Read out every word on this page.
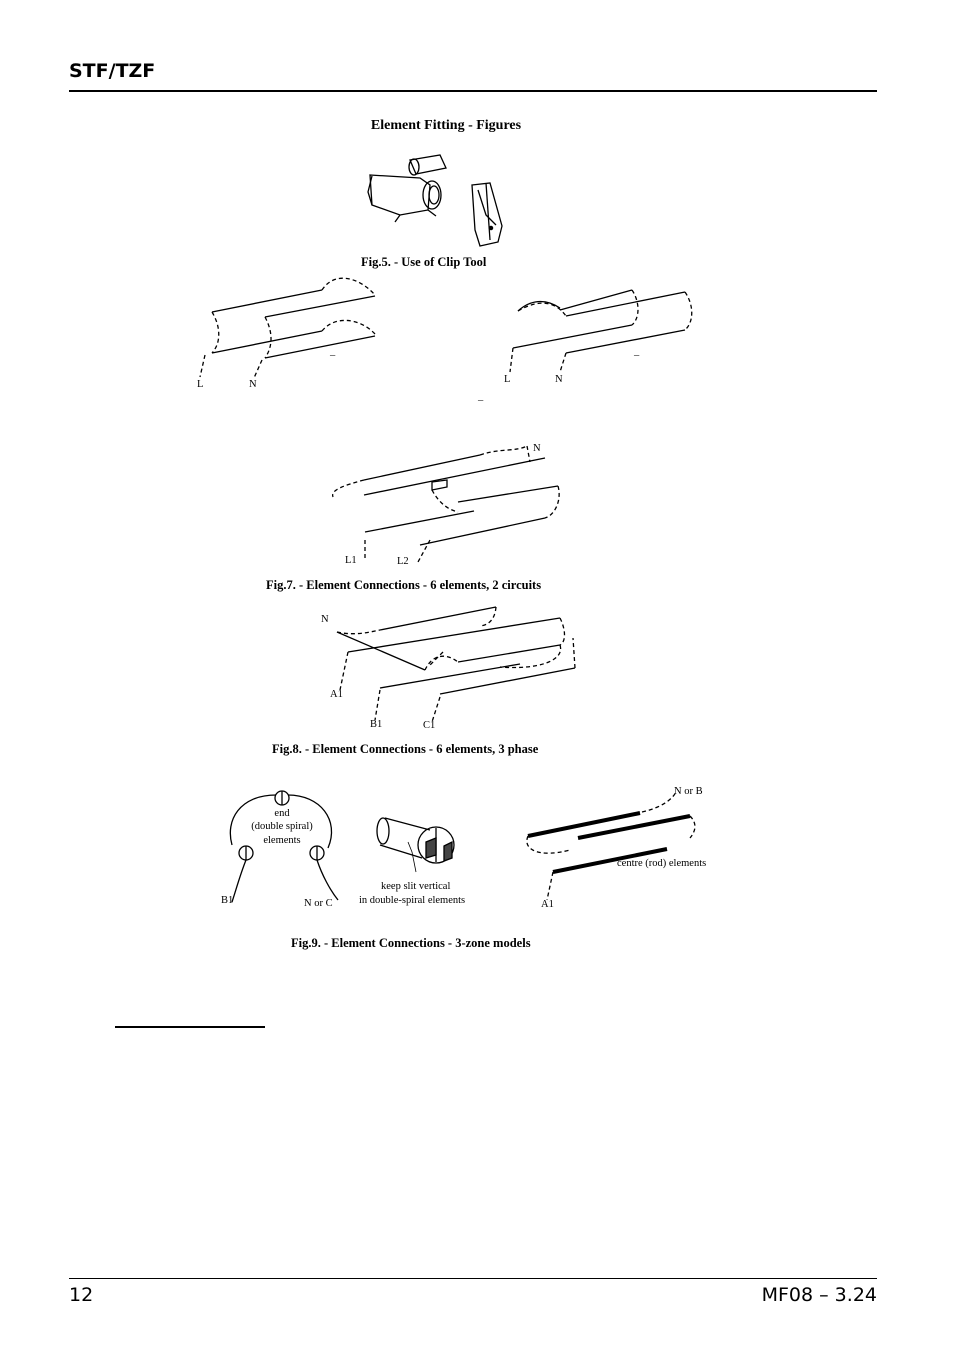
STF/TZF
Element Fitting - Figures
Fig.5. - Use of Clip Tool
L	N
–
L	N
–
–
N
L1	L2
Fig.7. - Element Connections - 6 elements, 2 circuits
N
A1
B1	C1
Fig.8. - Element Connections - 6 elements, 3 phase
end
(double spiral)
elements
B1	N or C
keep slit vertical
in double-spiral elements
N or B
centre (rod) elements
A1
Fig.9. - Element Connections - 3-zone models
12	MF08 – 3.24
